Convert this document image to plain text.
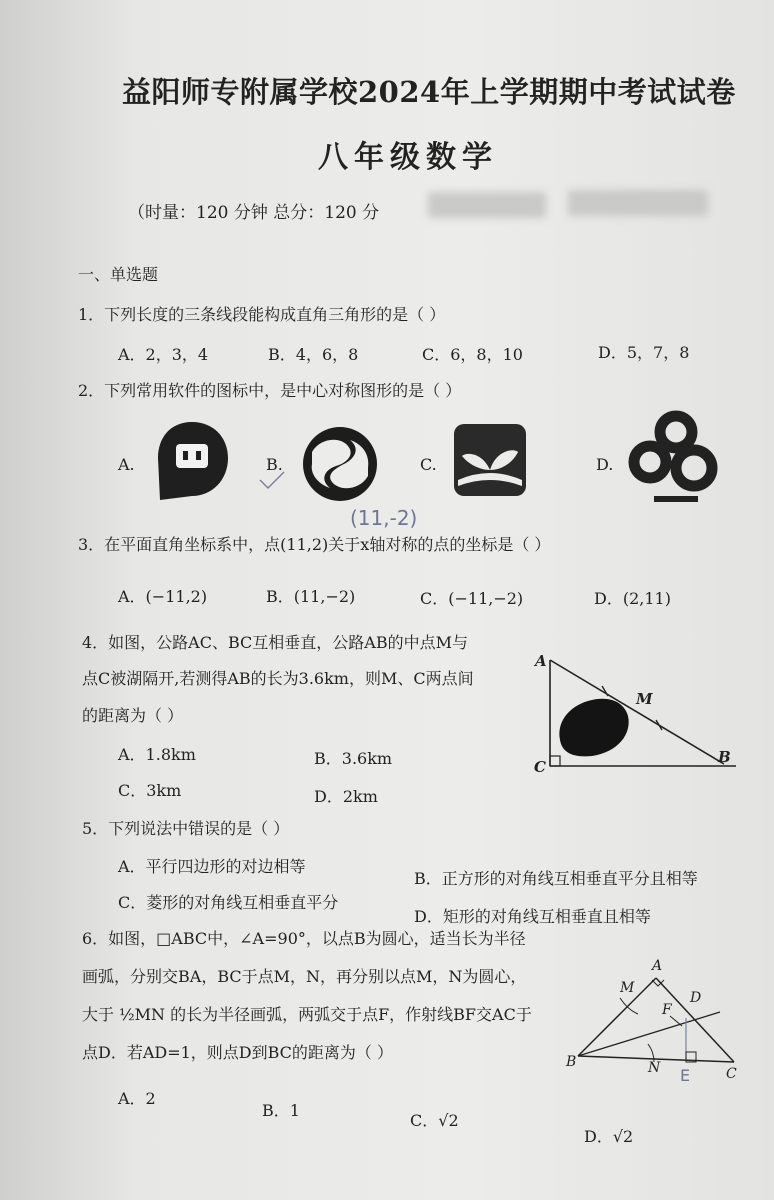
益阳师专附属学校2024年上学期期中考试试卷
八年级数学
（时量：120 分钟 总分：120 分
一、单选题
1．下列长度的三条线段能构成直角三角形的是（ ）
A．2，3，4	B．4，6，8	C．6，8，10	D．5，7，8
2．下列常用软件的图标中，是中心对称图形的是（ ）
A.	B.	C.	D.
(11,-2)
3．在平面直角坐标系中，点(11,2)关于x轴对称的点的坐标是（ ）
A．(−11,2)	B．(11,−2)	C．(−11,−2)	D．(2,11)
4．如图，公路AC、BC互相垂直，公路AB的中点M与
点C被湖隔开,若测得AB的长为3.6km，则M、C两点间
的距离为（ ）
A．1.8km	B．3.6km
C．3km	D．2km
A
M
C
B
5．下列说法中错误的是（ ）
A．平行四边形的对边相等
B．正方形的对角线互相垂直平分且相等
C．菱形的对角线互相垂直平分
D．矩形的对角线互相垂直且相等
6．如图，□ABC中，∠A=90°，以点B为圆心，适当长为半径
画弧，分别交BA，BC于点M，N，再分别以点M，N为圆心，
大于 ½MN 的长为半径画弧，两弧交于点F，作射线BF交AC于
点D．若AD=1，则点D到BC的距离为（ ）
A．2
B．1
C．√2
D．√2
A
M
D
F
B	N	C
E
